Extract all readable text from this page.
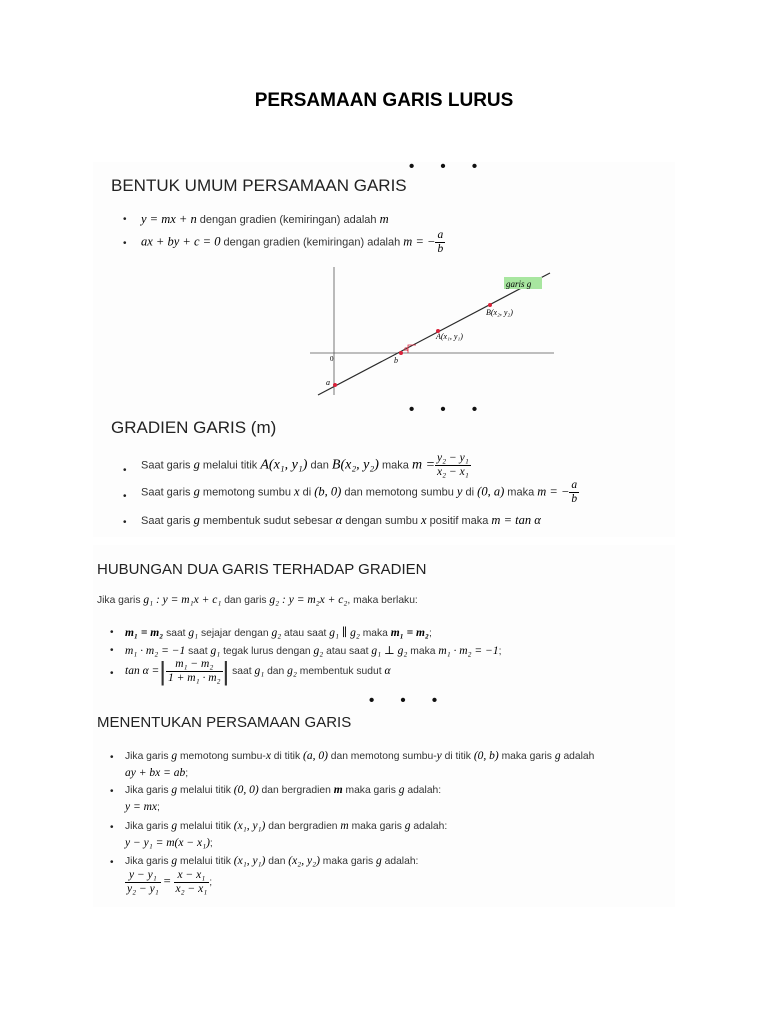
PERSAMAAN GARIS LURUS
• • •
BENTUK UMUM PERSAMAAN GARIS
• y = mx + n dengan gradien (kemiringan) adalah m
• ax + by + c = 0 dengan gradien (kemiringan) adalah m = − $\frac{a}{b}$
garis g
B(x₂, y₂)
A(x₁, y₁)
α
b
0
a
• • •
GRADIEN GARIS (m)
• Saat garis g melalui titik A(x₁, y₁) dan B(x₂, y₂) maka $m = \frac{\text{y₂ − y₁}}{\text{x₂ − x₁}}$
• Saat garis g memotong sumbu x di (b, 0) dan memotong sumbu y di (0, a) maka m = − $\frac{a}{b}$
• Saat garis g membentuk sudut sebesar α dengan sumbu x positif maka m = tan α
HUBUNGAN DUA GARIS TERHADAP GRADIEN
Jika garis g₁ : y = m₁x + c₁ dan garis g₂ : y = m₂x + c₂, maka berlaku:
• m₁ = m₂ saat g₁ sejajar dengan g₂ atau saat g₁ ∥ g₂ maka m₁ = m₂;
• m₁ · m₂ = −1 saat g₁ tegak lurus dengan g₂ atau saat g₁ ⊥ g₂ maka m₁ · m₂ = −1;
• tan α =| $\frac{\text{m₁ − m₂}}{\text{1 + m₁ · m₂}}$ | saat g₁ dan g₂ membentuk sudut α
• • •
MENENTUKAN PERSAMAAN GARIS
• Jika garis g memotong sumbu-x di titik (a, 0) dan memotong sumbu-y di titik (0, b) maka garis g adalah
ay + bx = ab;
• Jika garis g melalui titik (0, 0) dan bergradien m maka garis g adalah:
y = mx;
• Jika garis g melalui titik (x₁, y₁) dan bergradien m maka garis g adalah:
y − y₁ = m(x − x₁);
• Jika garis g melalui titik (x₁, y₁) dan (x₂, y₂) maka garis g adalah:
$\frac{\text{y − y₁}}{\text{y₂ − y₁}} = \frac{\text{x − x₁}}{\text{x₂ − x₁}}$ ;
